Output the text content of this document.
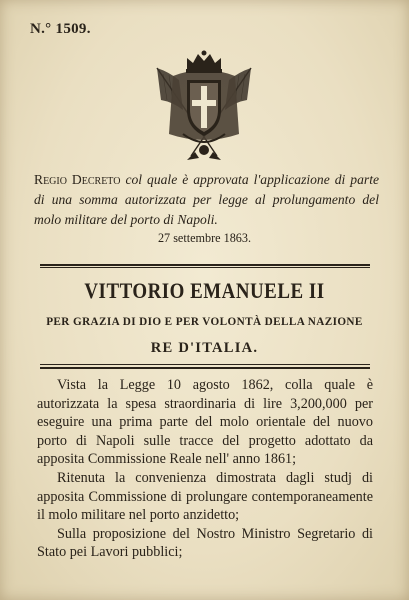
N.° 1509.
Regio Decreto col quale è approvata l'applicazione di parte di una somma autorizzata per legge al prolungamento del molo militare del porto di Napoli.
27 settembre 1863.
VITTORIO EMANUELE II
PER GRAZIA DI DIO E PER VOLONTÀ DELLA NAZIONE
RE D'ITALIA.

Vista la Legge 10 agosto 1862, colla quale è autorizzata la spesa straordinaria di lire 3,200,000 per eseguire una prima parte del molo orientale del nuovo porto di Napoli sulle tracce del progetto adottato da apposita Commissione Reale nell' anno 1861;

Ritenuta la convenienza dimostrata dagli studj di apposita Commissione di prolungare contemporaneamente il molo militare nel porto anzidetto;

Sulla proposizione del Nostro Ministro Segretario di Stato pei Lavori pubblici;
